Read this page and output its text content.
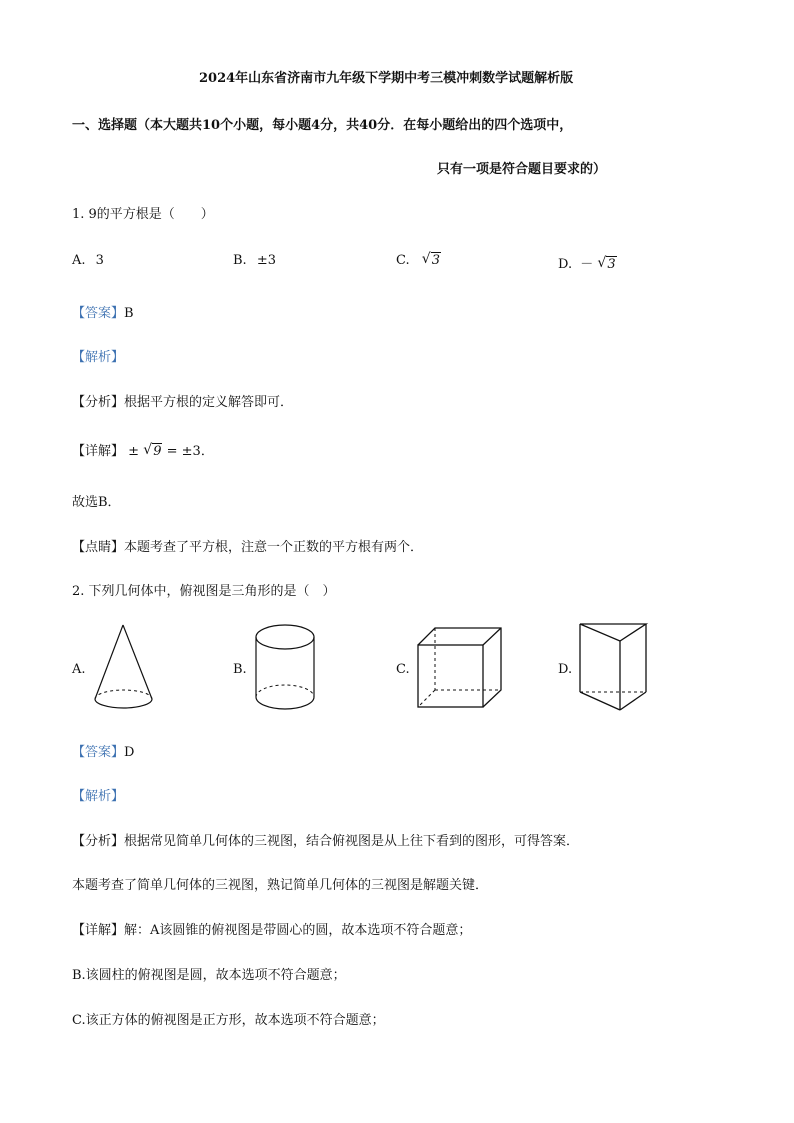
2024年山东省济南市九年级下学期中考三模冲刺数学试题解析版
一、选择题（本大题共10个小题，每小题4分，共40分．在每小题给出的四个选项中，
只有一项是符合题目要求的）
1. 9的平方根是（　　）
A. 3	B. ±3	C. √ 3	D. － √ 3
【答案】B
【解析】
【分析】根据平方根的定义解答即可．
【详解】 ± √ 9 = ±3．
故选B．
【点睛】本题考查了平方根，注意一个正数的平方根有两个．
2. 下列几何体中，俯视图是三角形的是（　）
A.	B.	C.	D.
【答案】D
【解析】
【分析】根据常见简单几何体的三视图，结合俯视图是从上往下看到的图形，可得答案．
本题考查了简单几何体的三视图，熟记简单几何体的三视图是解题关键．
【详解】解：A该圆锥的俯视图是带圆心的圆，故本选项不符合题意；
B.该圆柱的俯视图是圆，故本选项不符合题意；
C.该正方体的俯视图是正方形，故本选项不符合题意；
